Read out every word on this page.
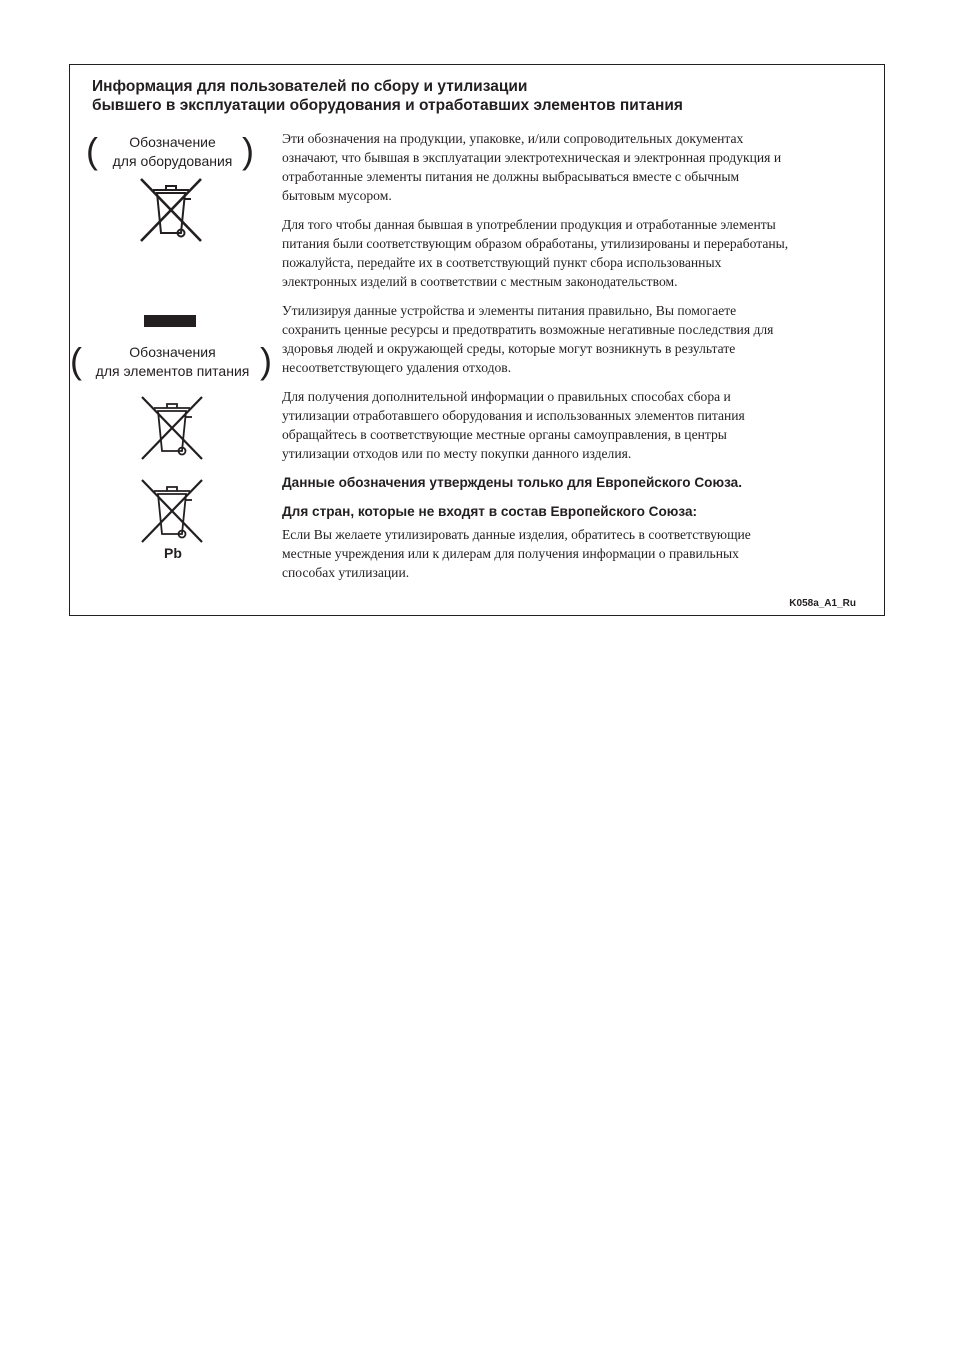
Информация для пользователей по сбору и утилизации
бывшего в эксплуатации оборудования и отработавших элементов питания
(	Обозначение
для оборудования )
(	Обозначения
для элементов питания )
Pb
Эти обозначения на продукции, упаковке, и/или сопроводительных документах
означают, что бывшая в эксплуатации электротехническая и электронная продукция и
отработанные элементы питания не должны выбрасываться вместе с обычным
бытовым мусором.
Для того чтобы данная бывшая в употреблении продукция и отработанные элементы
питания были соответствующим образом обработаны, утилизированы и переработаны,
пожалуйста, передайте их в соответствующий пункт сбора использованных
электронных изделий в соответствии с местным законодательством.
Утилизируя данные устройства и элементы питания правильно, Вы помогаете
сохранить ценные ресурсы и предотвратить возможные негативные последствия для
здоровья людей и окружающей среды, которые могут возникнуть в результате
несоответствующего удаления отходов.
Для получения дополнительной информации о правильных способах сбора и
утилизации отработавшего оборудования и использованных элементов питания
обращайтесь в соответствующие местные органы самоуправления, в центры
утилизации отходов или по месту покупки данного изделия.
Данные обозначения утверждены только для Европейского Союза.
Для стран, которые не входят в состав Европейского Союза:
Если Вы желаете утилизировать данные изделия, обратитесь в соответствующие
местные учреждения или к дилерам для получения информации о правильных
способах утилизации.
K058a_A1_Ru
